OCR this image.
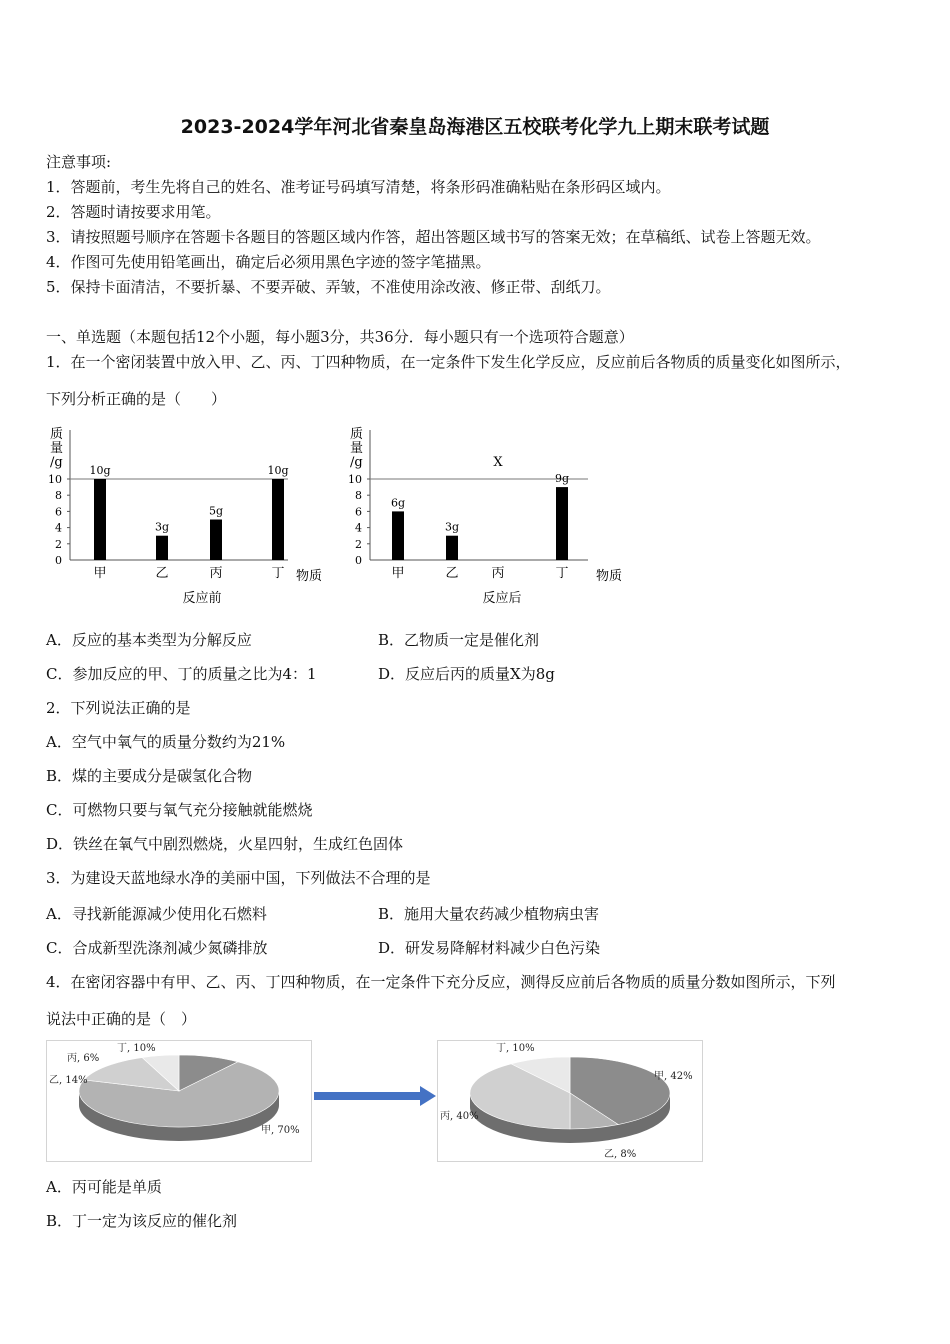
2023-2024学年河北省秦皇岛海港区五校联考化学九上期末联考试题
注意事项:
1．答题前，考生先将自己的姓名、准考证号码填写清楚，将条形码准确粘贴在条形码区域内。
2．答题时请按要求用笔。
3．请按照题号顺序在答题卡各题目的答题区域内作答，超出答题区域书写的答案无效；在草稿纸、试卷上答题无效。
4．作图可先使用铅笔画出，确定后必须用黑色字迹的签字笔描黑。
5．保持卡面清洁，不要折暴、不要弄破、弄皱，不准使用涂改液、修正带、刮纸刀。
一、单选题（本题包括12个小题，每小题3分，共36分．每小题只有一个选项符合题意）
1．在一个密闭装置中放入甲、乙、丙、丁四种物质，在一定条件下发生化学反应，反应前后各物质的质量变化如图所示，
下列分析正确的是（　　）
质
量
/g
0
2
4
6
8
10
10g
甲
3g
乙
5g
丙
10g
丁 物质
反应前
质
量
/g
0
2
4
6
8
10
6g
甲
3g
乙
X
丙
9g
丁 物质
反应后
A．反应的基本类型为分解反应	B．乙物质一定是催化剂
C．参加反应的甲、丁的质量之比为4：1	D．反应后丙的质量X为8g
2．下列说法正确的是
A．空气中氧气的质量分数约为21%
B．煤的主要成分是碳氢化合物
C．可燃物只要与氧气充分接触就能燃烧
D．铁丝在氧气中剧烈燃烧，火星四射，生成红色固体
3．为建设天蓝地绿水净的美丽中国，下列做法不合理的是
A．寻找新能源减少使用化石燃料	B．施用大量农药减少植物病虫害
C．合成新型洗涤剂减少氮磷排放	D．研发易降解材料减少白色污染
4．在密闭容器中有甲、乙、丙、丁四种物质，在一定条件下充分反应，测得反应前后各物质的质量分数如图所示，下列
说法中正确的是（　）
甲, 70%
乙, 14%
丙, 6%
丁, 10%
甲, 42%
乙, 8%
丙, 40%
丁, 10%
A．丙可能是单质
B．丁一定为该反应的催化剂
